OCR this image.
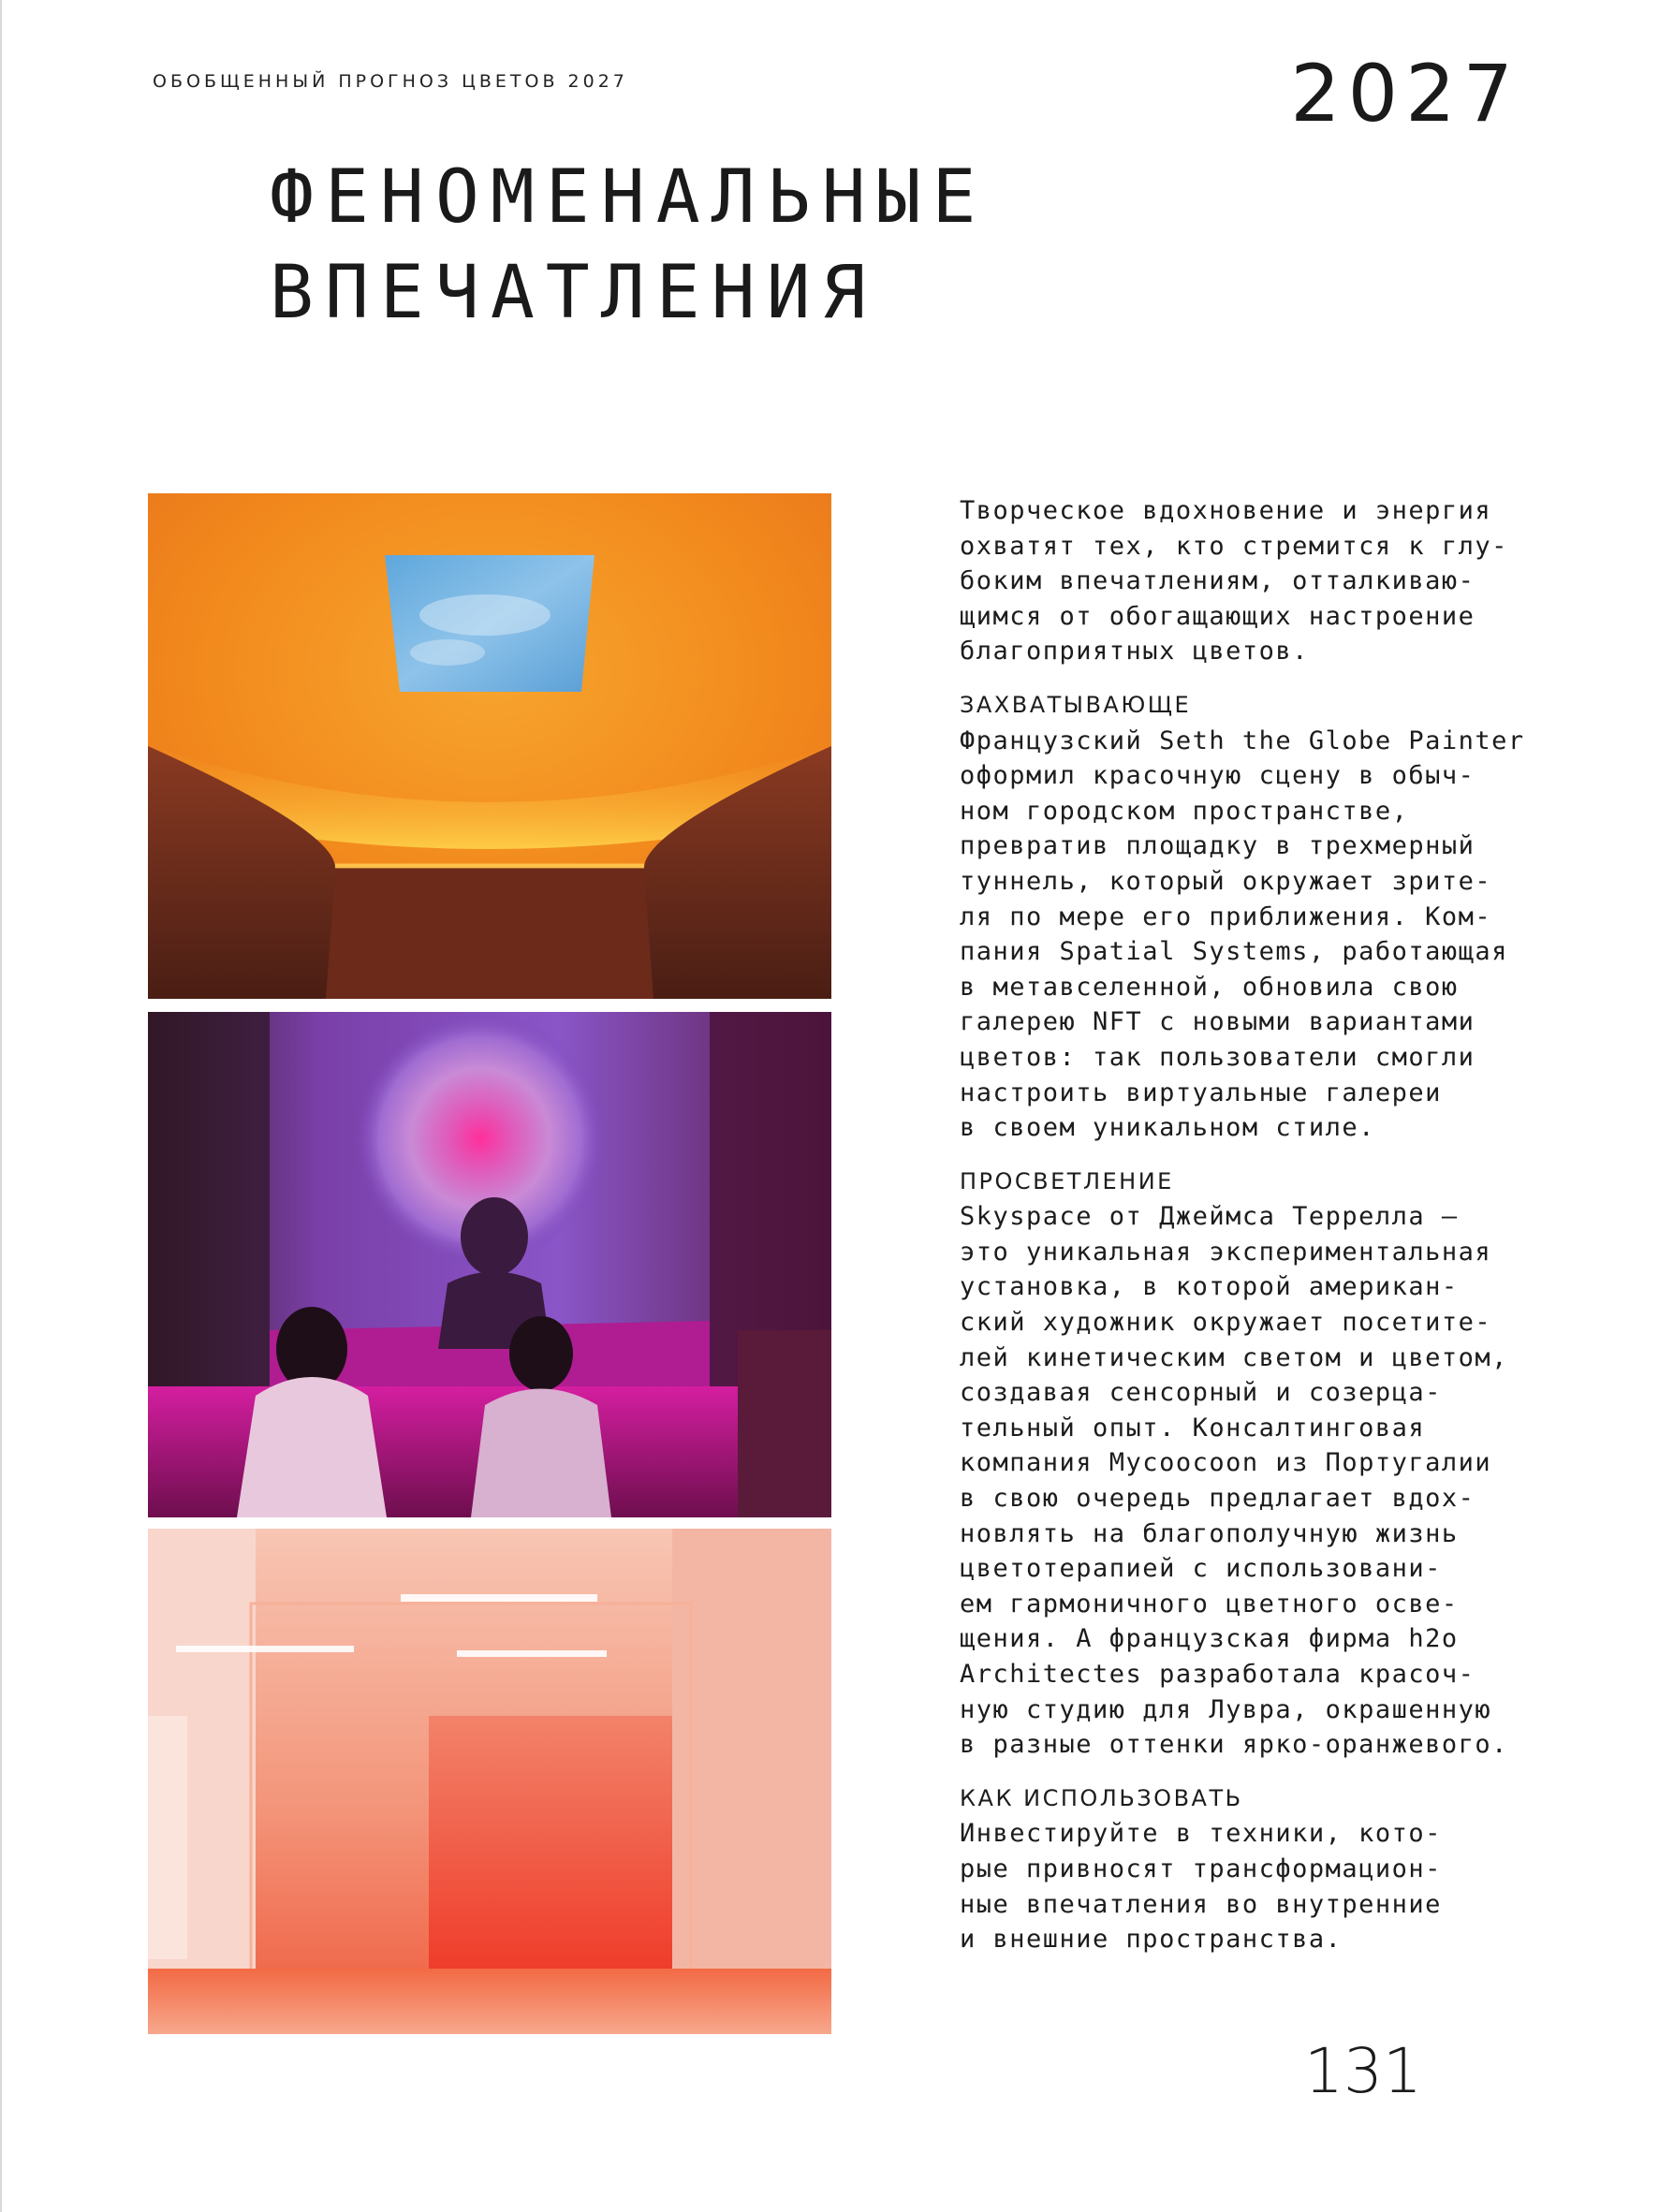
ОБОБЩЕННЫЙ ПРОГНОЗ ЦВЕТОВ 2027	2027
ФЕНОМЕНАЛЬНЫЕ
ВПЕЧАТЛЕНИЯ
Творческое вдохновение и энергия
охватят тех, кто стремится к глу-
боким впечатлениям, отталкиваю-
щимся от обогащающих настроение
благоприятных цветов.
ЗАХВАТЫВАЮЩЕ
Французский Seth the Globe Painter
оформил красочную сцену в обыч-
ном городском пространстве,
превратив площадку в трехмерный
туннель, который окружает зрите-
ля по мере его приближения. Ком-
пания Spatial Systems, работающая
в метавселенной, обновила свою
галерею NFT с новыми вариантами
цветов: так пользователи смогли
настроить виртуальные галереи
в своем уникальном стиле.
ПРОСВЕТЛЕНИЕ
Skyspace от Джеймса Террелла —
это уникальная экспериментальная
установка, в которой американ-
ский художник окружает посетите-
лей кинетическим светом и цветом,
создавая сенсорный и созерца-
тельный опыт. Консалтинговая
компания Mycoocoon из Португалии
в свою очередь предлагает вдох-
новлять на благополучную жизнь
цветотерапией с использовани-
ем гармоничного цветного осве-
щения. А французская фирма h2o
Architectes разработала красоч-
ную студию для Лувра, окрашенную
в разные оттенки ярко-оранжевого.
КАК ИСПОЛЬЗОВАТЬ
Инвестируйте в техники, кото-
рые привносят трансформацион-
ные впечатления во внутренние
и внешние пространства.
131
